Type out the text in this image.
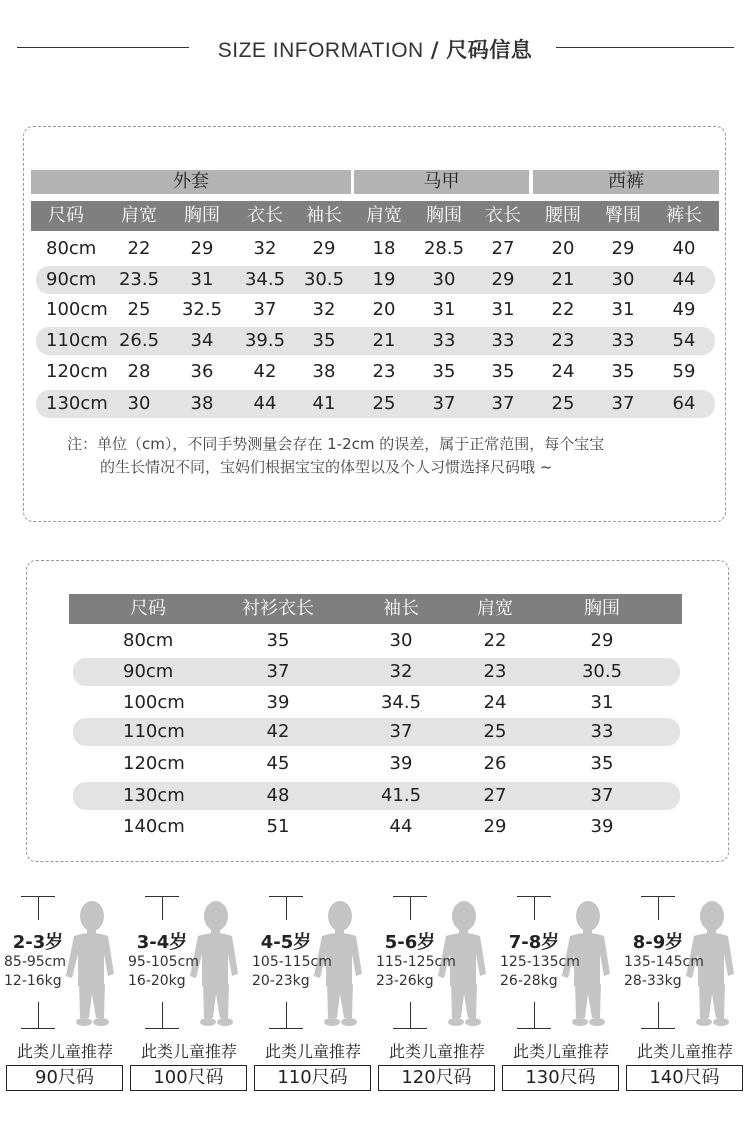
SIZE INFORMATION / 尺码信息
外套	马甲	西裤
尺码	肩宽	胸围	衣长	袖长	肩宽	胸围	衣长	腰围	臀围	裤长
80cm	22	29	32	29	18	28.5	27	20	29	40
90cm	23.5	31	34.5	30.5	19	30	29	21	30	44
100cm	25	32.5	37	32	20	31	31	22	31	49
110cm 26.5	34	39.5	35	21	33	33	23	33	54
120cm	28	36	42	38	23	35	35	24	35	59
130cm	30	38	44	41	25	37	37	25	37	64
注：单位（cm），不同手势测量会存在 1-2cm 的误差，属于正常范围，每个宝宝
的生长情况不同，宝妈们根据宝宝的体型以及个人习惯选择尺码哦 ~
尺码	衬衫衣长	袖长	肩宽	胸围
80cm	35	30	22	29
90cm	37	32	23	30.5
100cm	39	34.5	24	31
110cm	42	37	25	33
120cm	45	39	26	35
130cm	48	41.5	27	37
140cm	51	44	29	39
2-3岁
85-95cm
12-16kg
此类儿童推荐
90尺码
3-4岁
95-105cm
16-20kg
此类儿童推荐
100尺码
4-5岁
105-115cm
20-23kg
此类儿童推荐
110尺码
5-6岁
115-125cm
23-26kg
此类儿童推荐
120尺码
7-8岁
125-135cm
26-28kg
此类儿童推荐
130尺码
8-9岁
135-145cm
28-33kg
此类儿童推荐
140尺码
